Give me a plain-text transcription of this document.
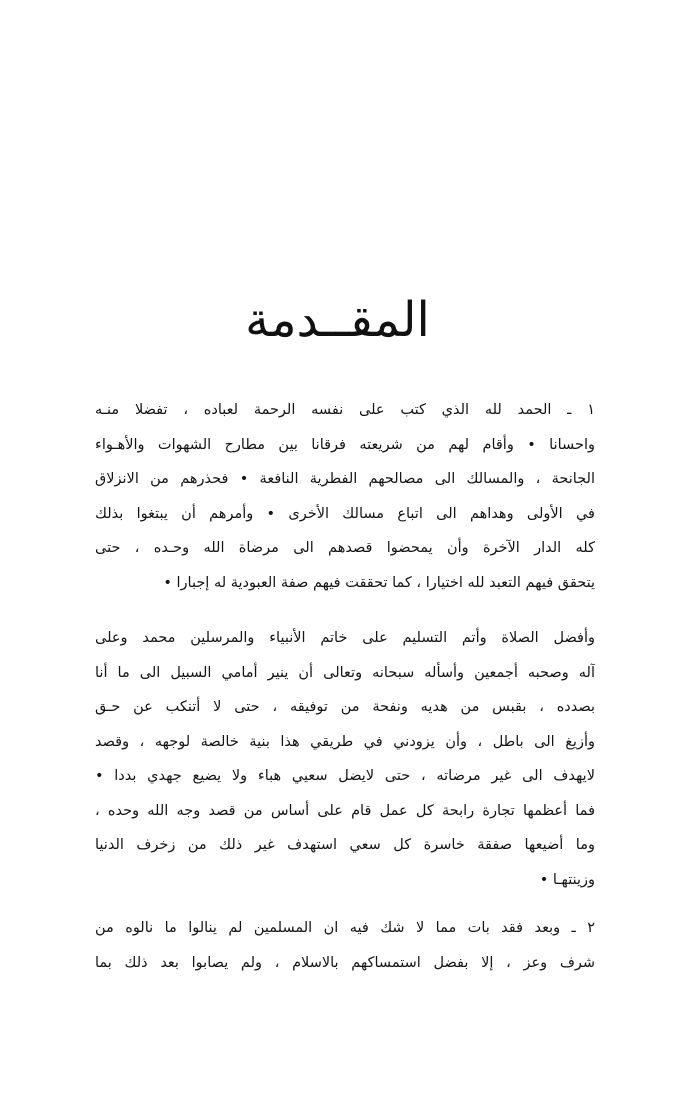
المقــدمة
١ ـ الحمد لله الذي كتب على نفسه الرحمة لعباده ، تفضلا منـه
واحسانا • وأقام لهم من شريعته فرقانا بين مطارح الشهوات والأهـواء
الجانحة ، والمسالك الى مصالحهم الفطرية النافعة • فحذرهم من الانزلاق
في الأولى وهداهم الى اتباع مسالك الأخرى • وأمرهم أن يبتغوا بذلك
كله الدار الآخرة وأن يمحضوا قصدهم الى مرضاة الله وحـده ، حتى
يتحقق فيهم التعبد لله اختيارا ، كما تحققت فيهم صفة العبودية له إجبارا •
وأفضل الصلاة وأتم التسليم على خاتم الأنبياء والمرسلين محمد وعلى
آله وصحبه أجمعين وأسأله سبحانه وتعالى أن ينير أمامي السبيل الى ما أنا
بصدده ، بقبس من هديه ونفحة من توفيقه ، حتى لا أتنكب عن حـق
وأزيغ الى باطل ، وأن يزودني في طريقي هذا بنية خالصة لوجهه ، وقصد
لايهدف الى غير مرضاته ، حتى لايضل سعيي هباء ولا يضيع جهدي بددا •
فما أعظمها تجارة رابحة كل عمل قام على أساس من قصد وجه الله وحده ،
وما أضيعها صفقة خاسرة كل سعي استهدف غير ذلك من زخرف الدنيا
وزينتهـا •
٢ ـ وبعد فقد بات مما لا شك فيه ان المسلمين لم ينالوا ما نالوه من
شرف وعز ، إلا بفضل استمساكهم بالاسلام ، ولم يصابوا بعد ذلك بما
